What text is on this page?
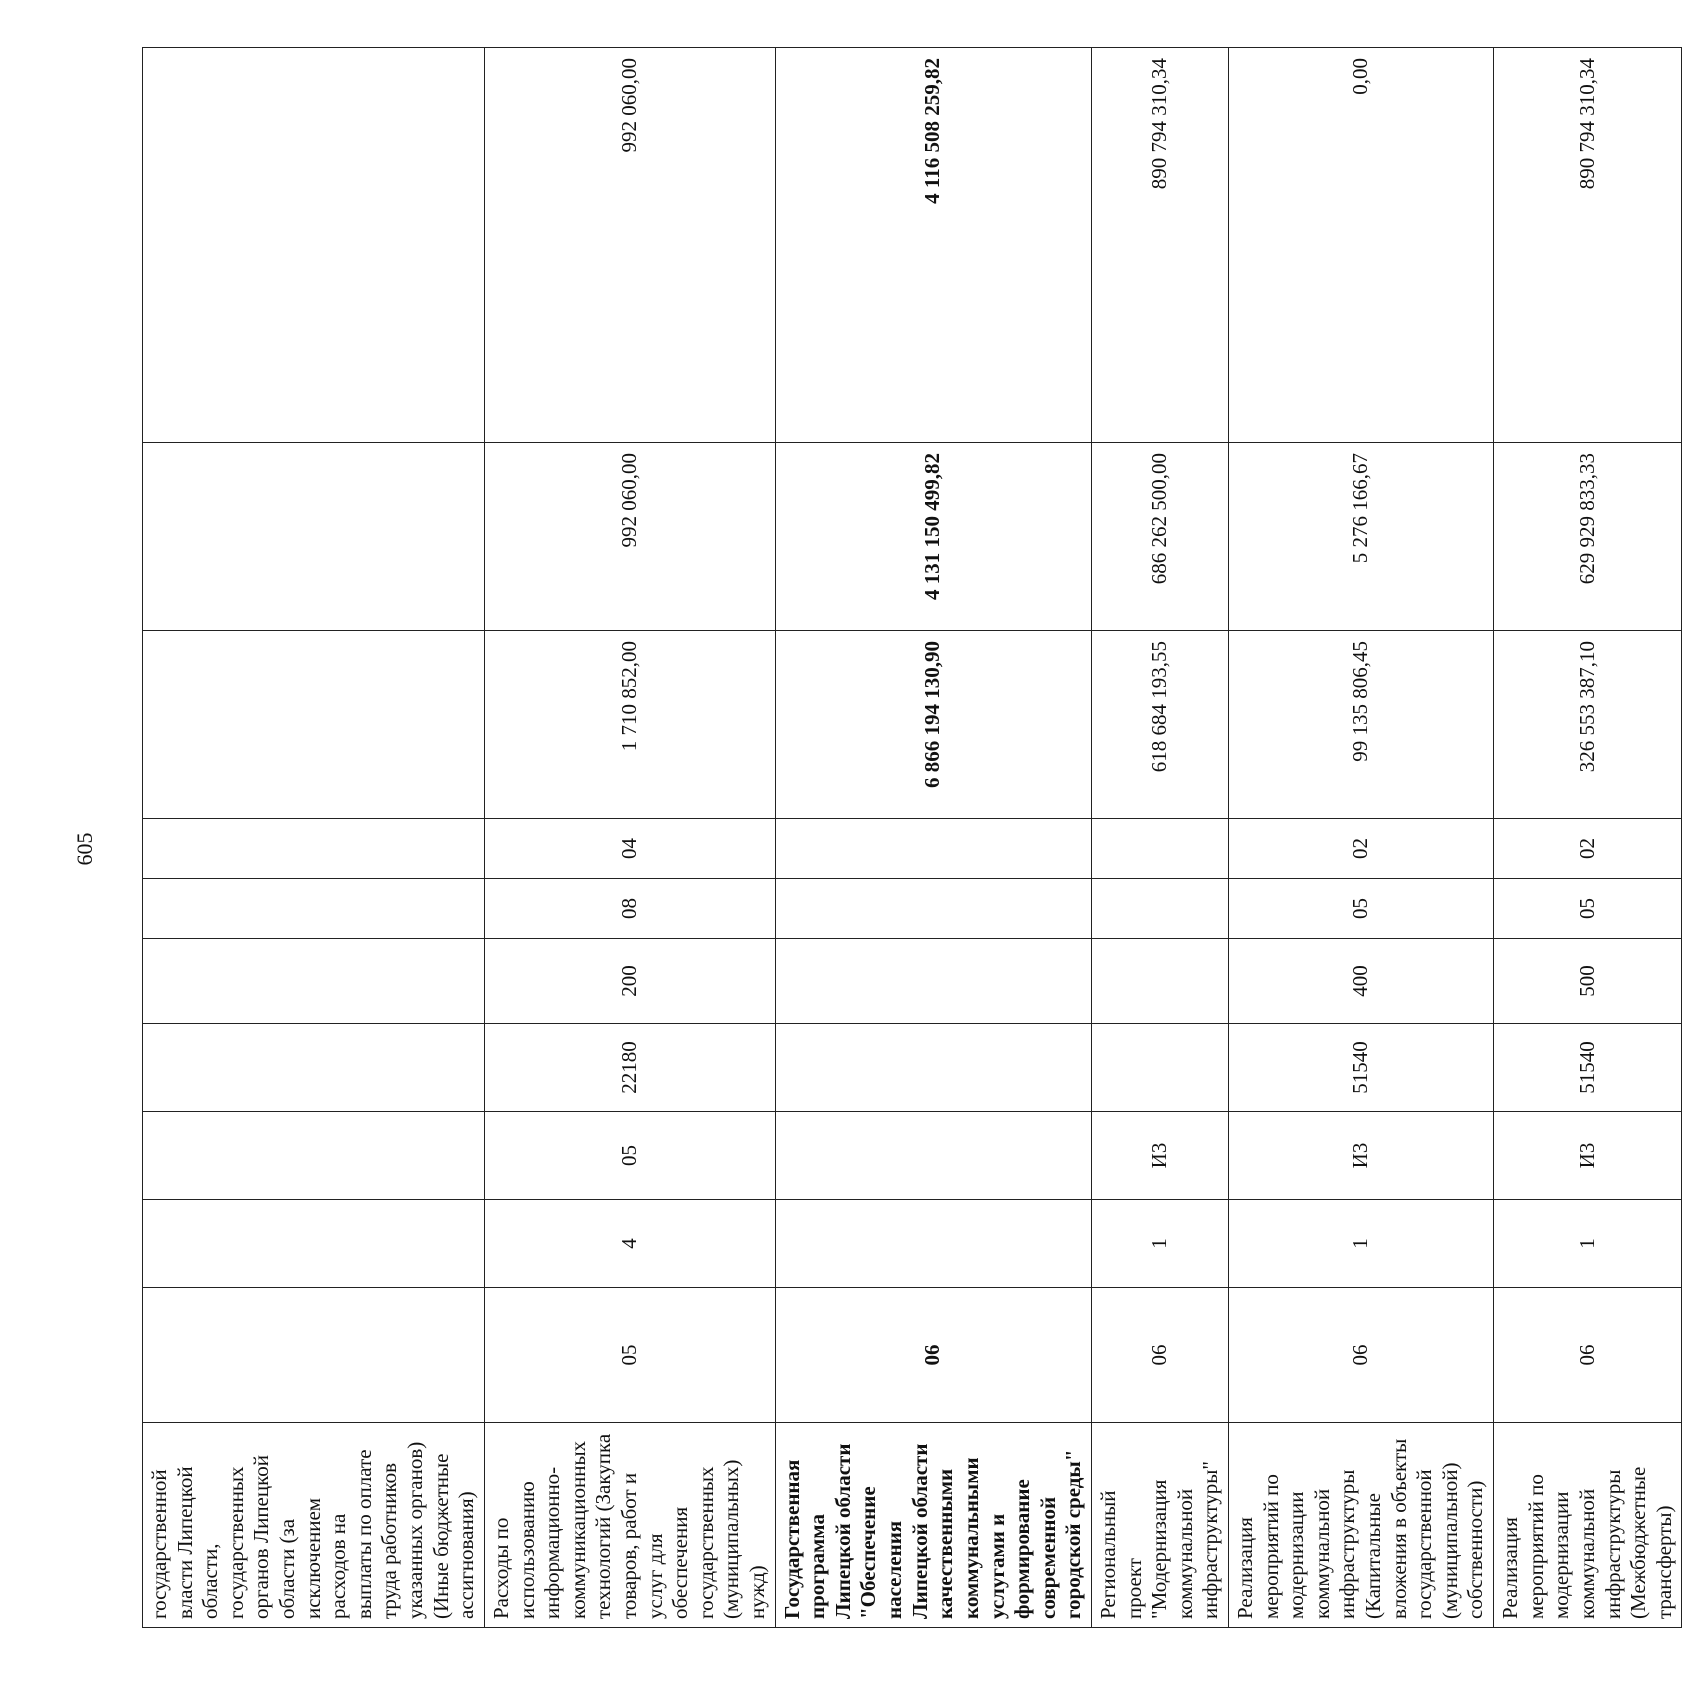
605
государственной власти Липецкой области, государственных органов Липецкой области (за исключением расходов на выплаты по оплате труда работников указанных органов) (Иные бюджетные ассигнования)										
Расходы по использованию информационно-коммуникационных технологий (Закупка товаров, работ и услуг для обеспечения государственных (муниципальных) нужд)	05	4	05	22180	200	08	04	1 710 852,00	992 060,00	992 060,00
Государственная программа Липецкой области "Обеспечение населения Липецкой области качественными коммунальными услугами и формирование современной городской среды"	06							6 866 194 130,90	4 131 150 499,82	4 116 508 259,82
Региональный проект "Модернизация коммунальной инфраструктуры"	06	1	И3					618 684 193,55	686 262 500,00	890 794 310,34
Реализация мероприятий по модернизации коммунальной инфраструктуры (Капитальные вложения в объекты государственной (муниципальной) собственности)	06	1	И3	51540	400	05	02	99 135 806,45	5 276 166,67	0,00
Реализация мероприятий по модернизации коммунальной инфраструктуры (Межбюджетные трансферты)	06	1	И3	51540	500	05	02	326 553 387,10	629 929 833,33	890 794 310,34
